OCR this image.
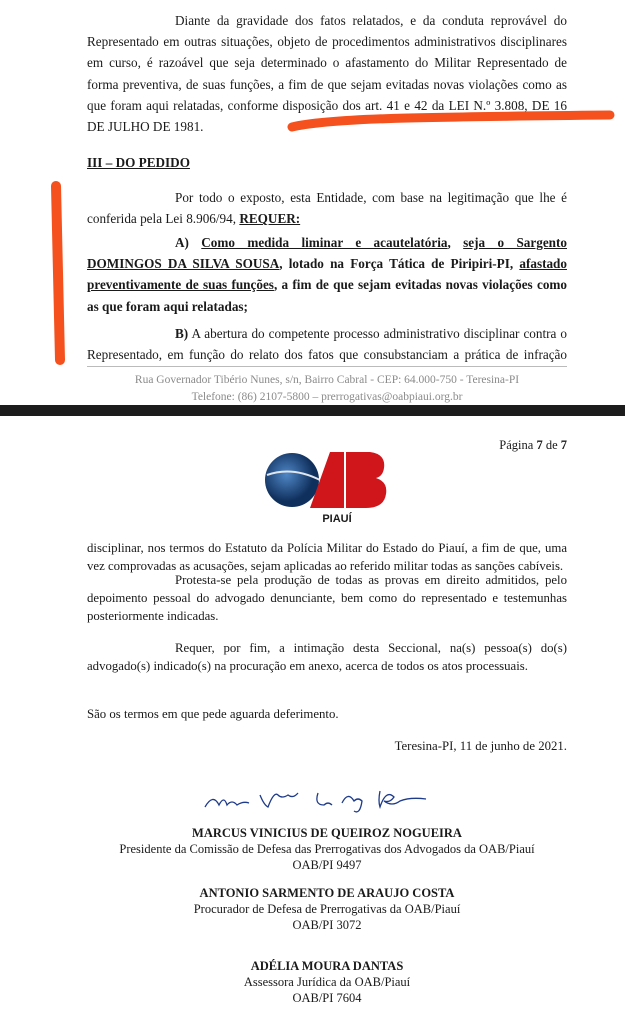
Diante da gravidade dos fatos relatados, e da conduta reprovável do Representado em outras situações, objeto de procedimentos administrativos disciplinares em curso, é razoável que seja determinado o afastamento do Militar Representado de forma preventiva, de suas funções, a fim de que sejam evitadas novas violações como as que foram aqui relatadas, conforme disposição dos art. 41 e 42 da LEI N.º 3.808, DE 16 DE JULHO DE 1981.

III – DO PEDIDO

Por todo o exposto, esta Entidade, com base na legitimação que lhe é conferida pela Lei 8.906/94, REQUER:

A) Como medida liminar e acautelatória, seja o Sargento DOMINGOS DA SILVA SOUSA, lotado na Força Tática de Piripiri-PI, afastado preventivamente de suas funções, a fim de que sejam evitadas novas violações como as que foram aqui relatadas;

B) A abertura do competente processo administrativo disciplinar contra o Representado, em função do relato dos fatos que consubstanciam a prática de infração

Rua Governador Tibério Nunes, s/n, Bairro Cabral - CEP: 64.000-750 - Teresina-PI
Telefone: (86) 2107-5800 – prerrogativas@oabpiaui.org.br
Página 7 de 7
PIAUÍ

disciplinar, nos termos do Estatuto da Polícia Militar do Estado do Piauí, a fim de que, uma vez comprovadas as acusações, sejam aplicadas ao referido militar todas as sanções cabíveis.

Protesta-se pela produção de todas as provas em direito admitidos, pelo depoimento pessoal do advogado denunciante, bem como do representado e testemunhas posteriormente indicadas.

Requer, por fim, a intimação desta Seccional, na(s) pessoa(s) do(s) advogado(s) indicado(s) na procuração em anexo, acerca de todos os atos processuais.

São os termos em que pede aguarda deferimento.

Teresina-PI, 11 de junho de 2021.

MARCUS VINICIUS DE QUEIROZ NOGUEIRA
Presidente da Comissão de Defesa das Prerrogativas dos Advogados da OAB/Piauí
OAB/PI 9497
ANTONIO SARMENTO DE ARAUJO COSTA
Procurador de Defesa de Prerrogativas da OAB/Piauí
OAB/PI 3072
ADÉLIA MOURA DANTAS
Assessora Jurídica da OAB/Piauí
OAB/PI 7604
